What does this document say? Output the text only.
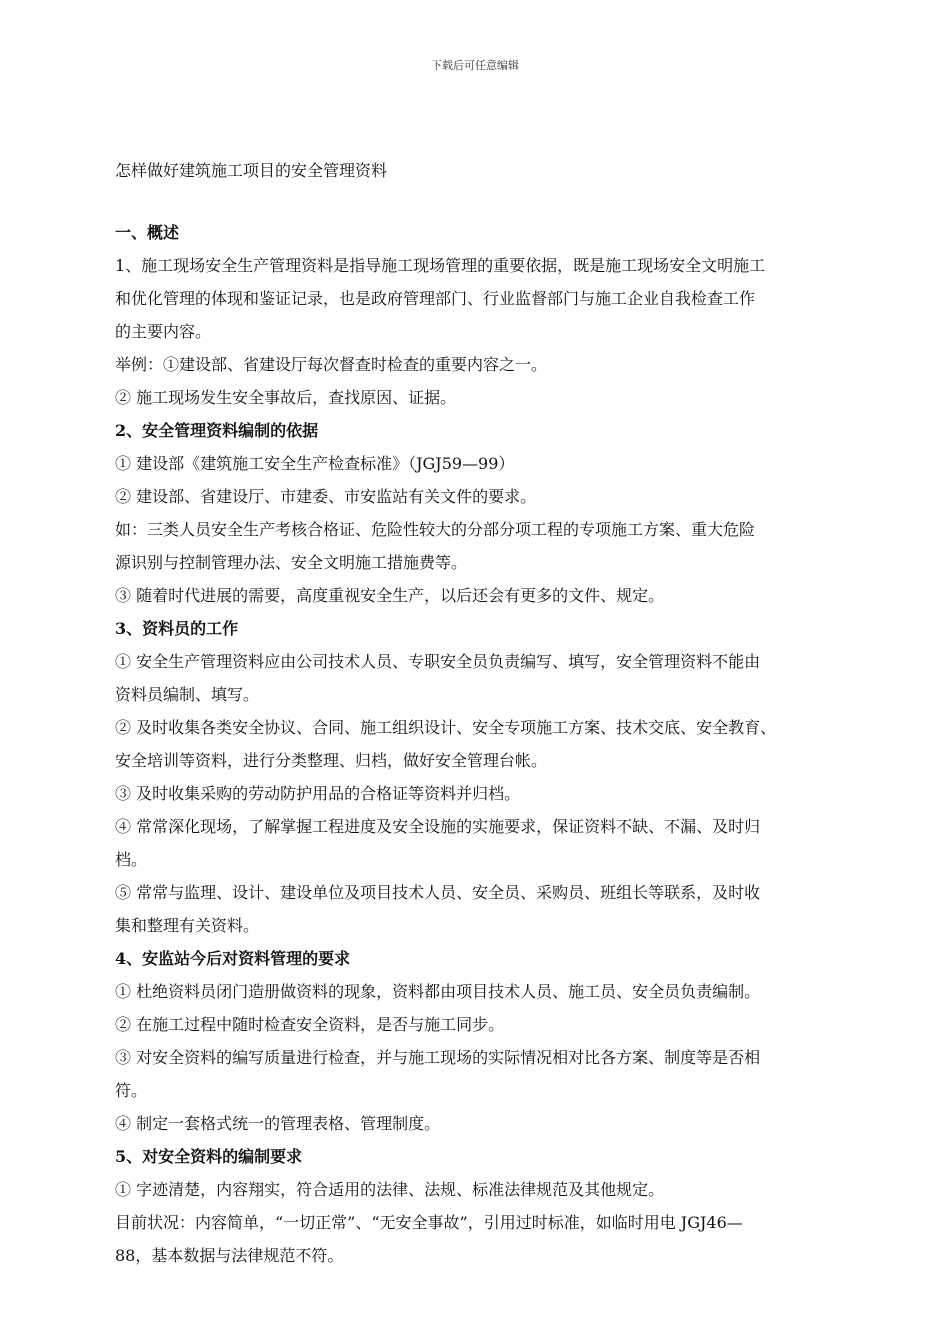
下载后可任意编辑
怎样做好建筑施工项目的安全管理资料

一、概述

1、施工现场安全生产管理资料是指导施工现场管理的重要依据，既是施工现场安全文明施工

和优化管理的体现和鉴证记录，也是政府管理部门、行业监督部门与施工企业自我检查工作

的主要内容。

举例：①建设部、省建设厅每次督查时检查的重要内容之一。

② 施工现场发生安全事故后，查找原因、证据。

2、安全管理资料编制的依据

① 建设部《建筑施工安全生产检查标准》（JGJ59—99）

② 建设部、省建设厅、市建委、市安监站有关文件的要求。

如：三类人员安全生产考核合格证、危险性较大的分部分项工程的专项施工方案、重大危险

源识别与控制管理办法、安全文明施工措施费等。

③ 随着时代进展的需要，高度重视安全生产，以后还会有更多的文件、规定。

3、资料员的工作

① 安全生产管理资料应由公司技术人员、专职安全员负责编写、填写，安全管理资料不能由

资料员编制、填写。

② 及时收集各类安全协议、合同、施工组织设计、安全专项施工方案、技术交底、安全教育、

安全培训等资料，进行分类整理、归档，做好安全管理台帐。

③ 及时收集采购的劳动防护用品的合格证等资料并归档。

④ 常常深化现场，了解掌握工程进度及安全设施的实施要求，保证资料不缺、不漏、及时归

档。

⑤ 常常与监理、设计、建设单位及项目技术人员、安全员、采购员、班组长等联系，及时收

集和整理有关资料。

4、安监站今后对资料管理的要求

① 杜绝资料员闭门造册做资料的现象，资料都由项目技术人员、施工员、安全员负责编制。

② 在施工过程中随时检查安全资料，是否与施工同步。

③ 对安全资料的编写质量进行检查，并与施工现场的实际情况相对比各方案、制度等是否相

符。

④ 制定一套格式统一的管理表格、管理制度。

5、对安全资料的编制要求

① 字迹清楚，内容翔实，符合适用的法律、法规、标准法律规范及其他规定。

目前状况：内容简单，“一切正常”、“无安全事故”，引用过时标准，如临时用电 JGJ46—

88，基本数据与法律规范不符。
